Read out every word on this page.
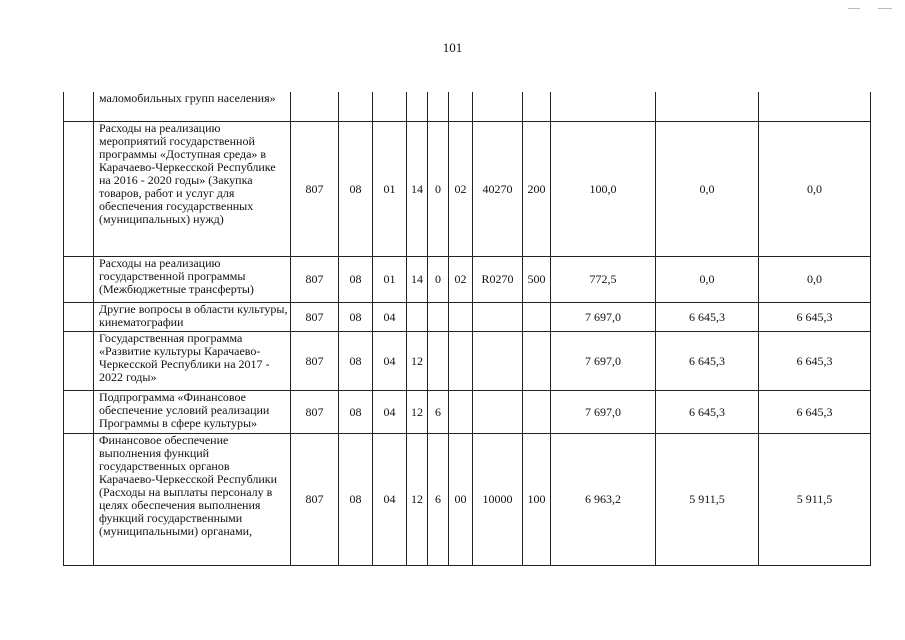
101
	маломобильных групп населения»											
	Расходы на реализацию мероприятий государственной программы «Доступная среда» в Карачаево-Черкесской Республике на 2016 - 2020 годы» (Закупка товаров, работ и услуг для обеспечения государственных (муниципальных) нужд)	807	08	01	14	0	02	40270	200	100,0	0,0	0,0
	Расходы на реализацию государственной программы (Межбюджетные трансферты)	807	08	01	14	0	02	R0270	500	772,5	0,0	0,0
	Другие вопросы в области культуры, кинематографии	807	08	04						7 697,0	6 645,3	6 645,3
	Государственная программа «Развитие культуры Карачаево-Черкесской Республики на 2017 - 2022 годы»	807	08	04	12					7 697,0	6 645,3	6 645,3
	Подпрограмма «Финансовое обеспечение условий реализации Программы в сфере культуры»	807	08	04	12	6				7 697,0	6 645,3	6 645,3
	Финансовое обеспечение выполнения функций государственных органов Карачаево-Черкесской Республики (Расходы на выплаты персоналу в целях обеспечения выполнения функций государственными (муниципальными) органами,	807	08	04	12	6	00	10000	100	6 963,2	5 911,5	5 911,5
